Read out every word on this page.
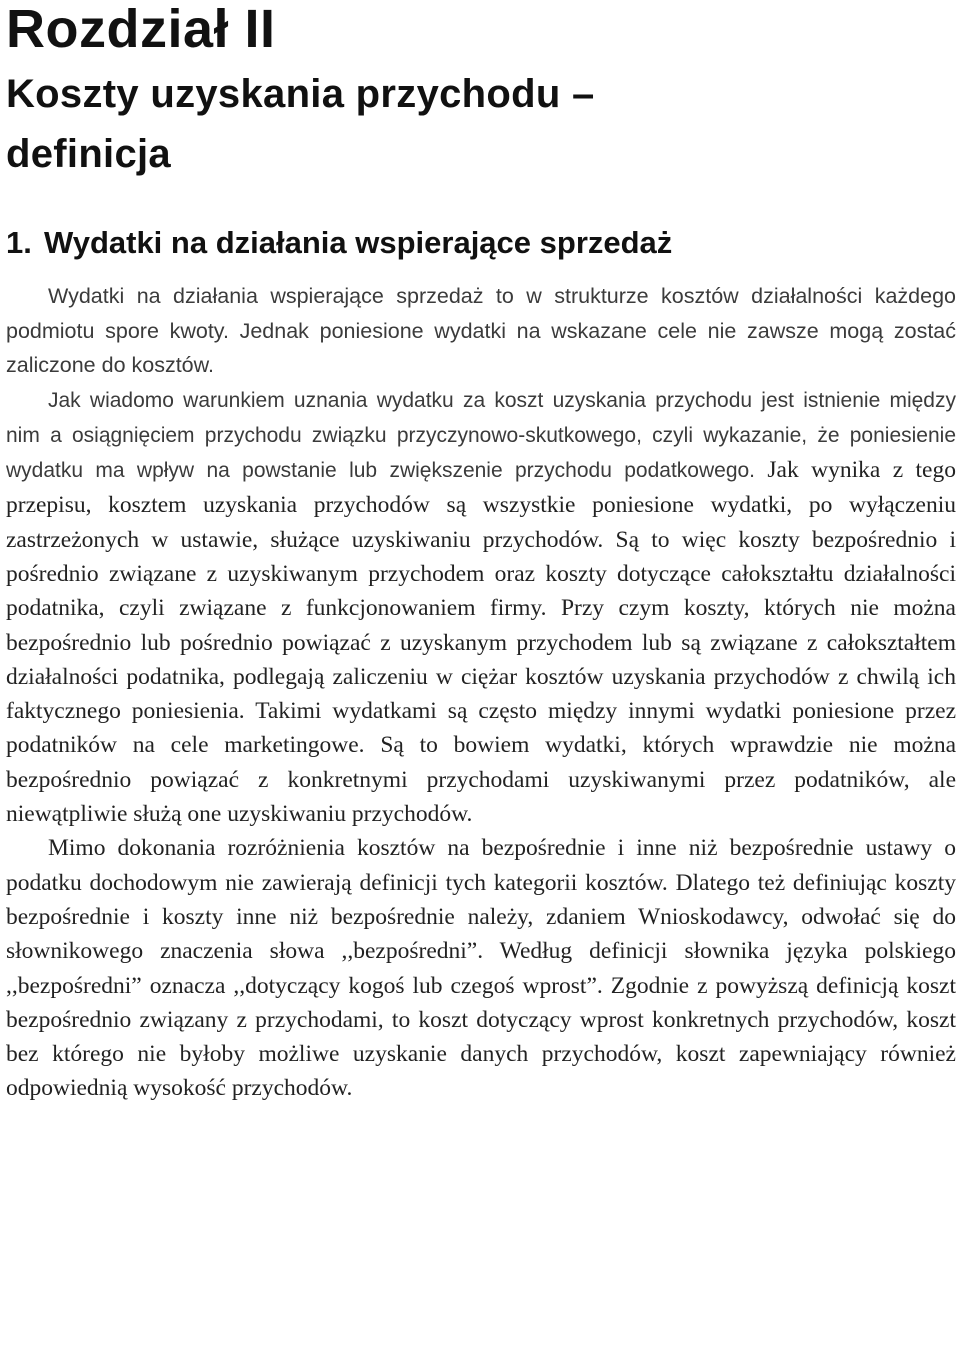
Rozdział II
Koszty uzyskania przychodu –
definicja
1. Wydatki na działania wspierające sprzedaż

Wydatki na działania wspierające sprzedaż to w strukturze kosztów działalności każdego podmiotu spore kwoty. Jednak poniesione wydatki na wskazane cele nie zawsze mogą zostać zaliczone do kosztów.

Jak wiadomo warunkiem uznania wydatku za koszt uzyskania przychodu jest istnienie między nim a osiągnięciem przychodu związku przyczynowo-skutkowego, czyli wykazanie, że poniesienie wydatku ma wpływ na powstanie lub zwiększenie przychodu podatkowego. Jak wynika z tego przepisu, kosztem uzyskania przychodów są wszystkie poniesione wydatki, po wyłączeniu zastrzeżonych w ustawie, służące uzyskiwaniu przychodów. Są to więc koszty bezpośrednio i pośrednio związane z uzyskiwanym przychodem oraz koszty dotyczące całokształtu działalności podatnika, czyli związane z funkcjonowaniem firmy. Przy czym koszty, których nie można bezpośrednio lub pośrednio powiązać z uzyskanym przychodem lub są związane z całokształtem działalności podatnika, podlegają zaliczeniu w ciężar kosztów uzyskania przychodów z chwilą ich faktycznego poniesienia. Takimi wydatkami są często między innymi wydatki poniesione przez podatników na cele marketingowe. Są to bowiem wydatki, których wprawdzie nie można bezpośrednio powiązać z konkretnymi przychodami uzyskiwanymi przez podatników, ale niewątpliwie służą one uzyskiwaniu przychodów.

Mimo dokonania rozróżnienia kosztów na bezpośrednie i inne niż bezpośrednie ustawy o podatku dochodowym nie zawierają definicji tych kategorii kosztów. Dlatego też definiując koszty bezpośrednie i koszty inne niż bezpośrednie należy, zdaniem Wnioskodawcy, odwołać się do słownikowego znaczenia słowa ,,bezpośredni”. Według definicji słownika języka polskiego ,,bezpośredni” oznacza ,,dotyczący kogoś lub czegoś wprost”. Zgodnie z powyższą definicją koszt bezpośrednio związany z przychodami, to koszt dotyczący wprost konkretnych przychodów, koszt bez którego nie byłoby możliwe uzyskanie danych przychodów, koszt zapewniający również odpowiednią wysokość przychodów.
